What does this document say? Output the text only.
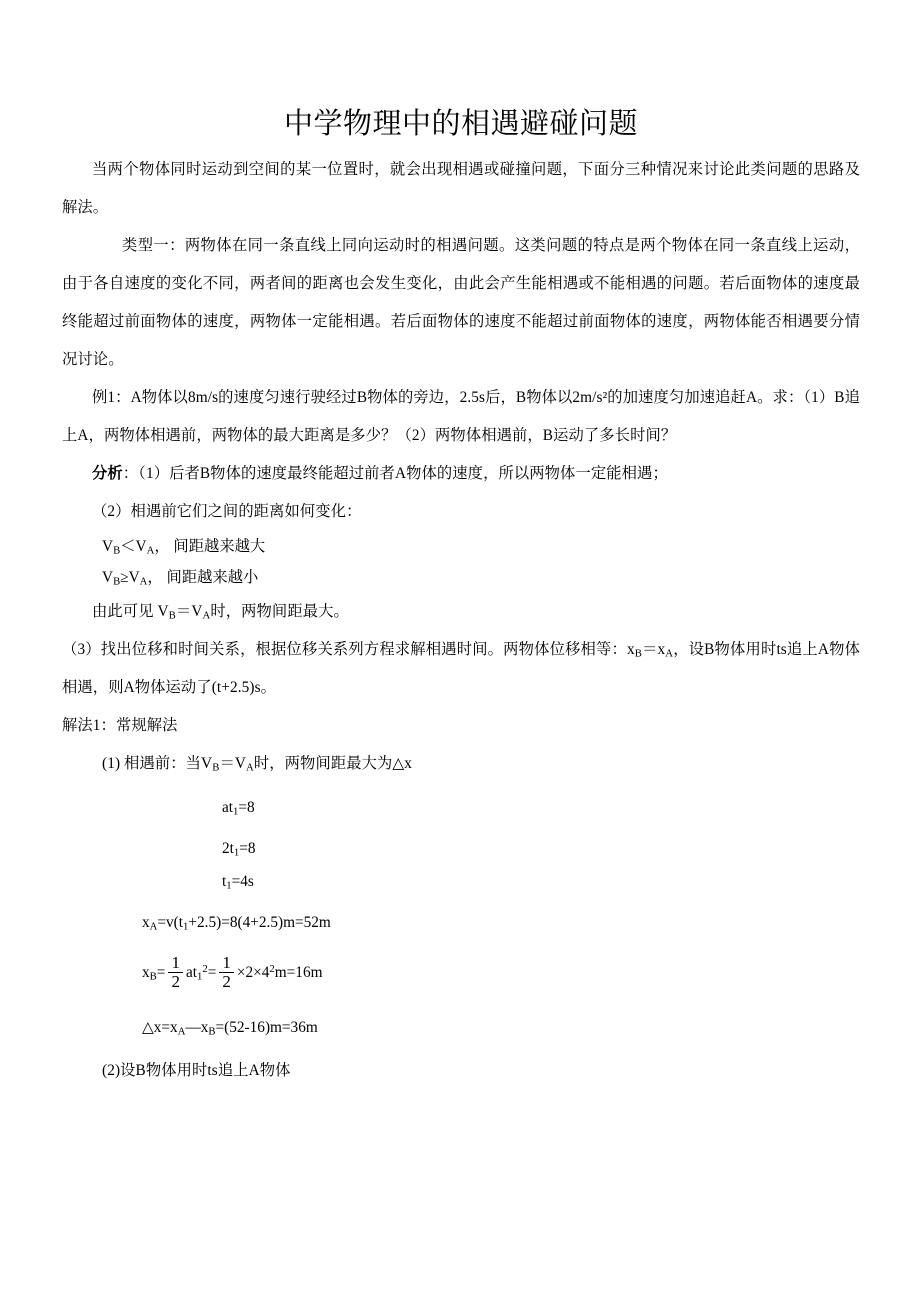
中学物理中的相遇避碰问题

当两个物体同时运动到空间的某一位置时，就会出现相遇或碰撞问题，下面分三种情况来讨论此类问题的思路及解法。

类型一：两物体在同一条直线上同向运动时的相遇问题。这类问题的特点是两个物体在同一条直线上运动，由于各自速度的变化不同，两者间的距离也会发生变化，由此会产生能相遇或不能相遇的问题。若后面物体的速度最终能超过前面物体的速度，两物体一定能相遇。若后面物体的速度不能超过前面物体的速度，两物体能否相遇要分情况讨论。

例1：A物体以8m/s的速度匀速行驶经过B物体的旁边，2.5s后，B物体以2m/s²的加速度匀加速追赶A。求：（1）B追上A，两物体相遇前，两物体的最大距离是多少？（2）两物体相遇前，B运动了多长时间？

分析：（1）后者B物体的速度最终能超过前者A物体的速度，所以两物体一定能相遇；

（2）相遇前它们之间的距离如何变化：

$V_B<V_A$， 间距越来越大

$V_B\ge V_A$， 间距越来越小

由此可见 $V_B=V_A$时，两物间距最大。

（3）找出位移和时间关系，根据位移关系列方程求解相遇时间。两物体位移相等：$x_B=x_A$，设B物体用时ts追上A物体相遇，则A物体运动了(t+2.5)s。

解法1：常规解法

(1) 相遇前：当$V_B=V_A$时，两物间距最大为△x

$at_1=8$

$2t_1=8$

$t_1=4s$

$x_A=v(t_1+2.5)=8(4+2.5)m=52m$

$x_B= \frac{1}{2} at_1^2= \frac{1}{2} \times 2\times 4^2m=16m$

$\triangle x=x_A—x_B=(52-16)m=36m$

(2)设B物体用时ts追上A物体
